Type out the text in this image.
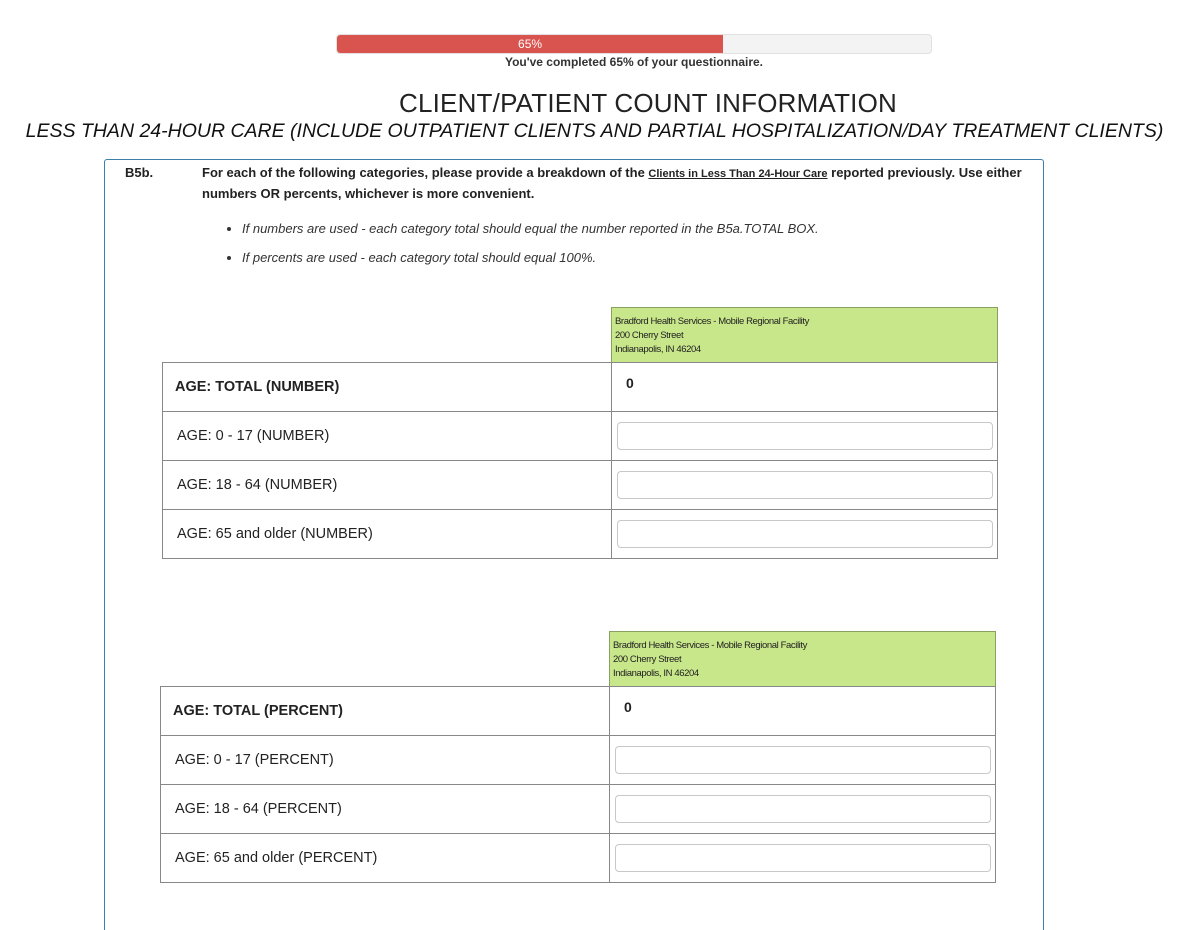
65%
You've completed 65% of your questionnaire.
CLIENT/PATIENT COUNT INFORMATION
LESS THAN 24-HOUR CARE (INCLUDE OUTPATIENT CLIENTS AND PARTIAL HOSPITALIZATION/DAY TREATMENT CLIENTS)
B5b.	For each of the following categories, please provide a breakdown of the Clients in Less Than 24-Hour Care reported previously. Use either numbers OR percents, whichever is more convenient.
• If numbers are used - each category total should equal the number reported in the B5a.TOTAL BOX.
• If percents are used - each category total should equal 100%.
Bradford Health Services - Mobile Regional Facility
200 Cherry Street
Indianapolis, IN 46204
AGE: TOTAL (NUMBER)	0
AGE: 0 - 17 (NUMBER)	

AGE: 18 - 64 (NUMBER)	

AGE: 65 and older (NUMBER)	
Bradford Health Services - Mobile Regional Facility
200 Cherry Street
Indianapolis, IN 46204
AGE: TOTAL (PERCENT)	0
AGE: 0 - 17 (PERCENT)	

AGE: 18 - 64 (PERCENT)	

AGE: 65 and older (PERCENT)	
